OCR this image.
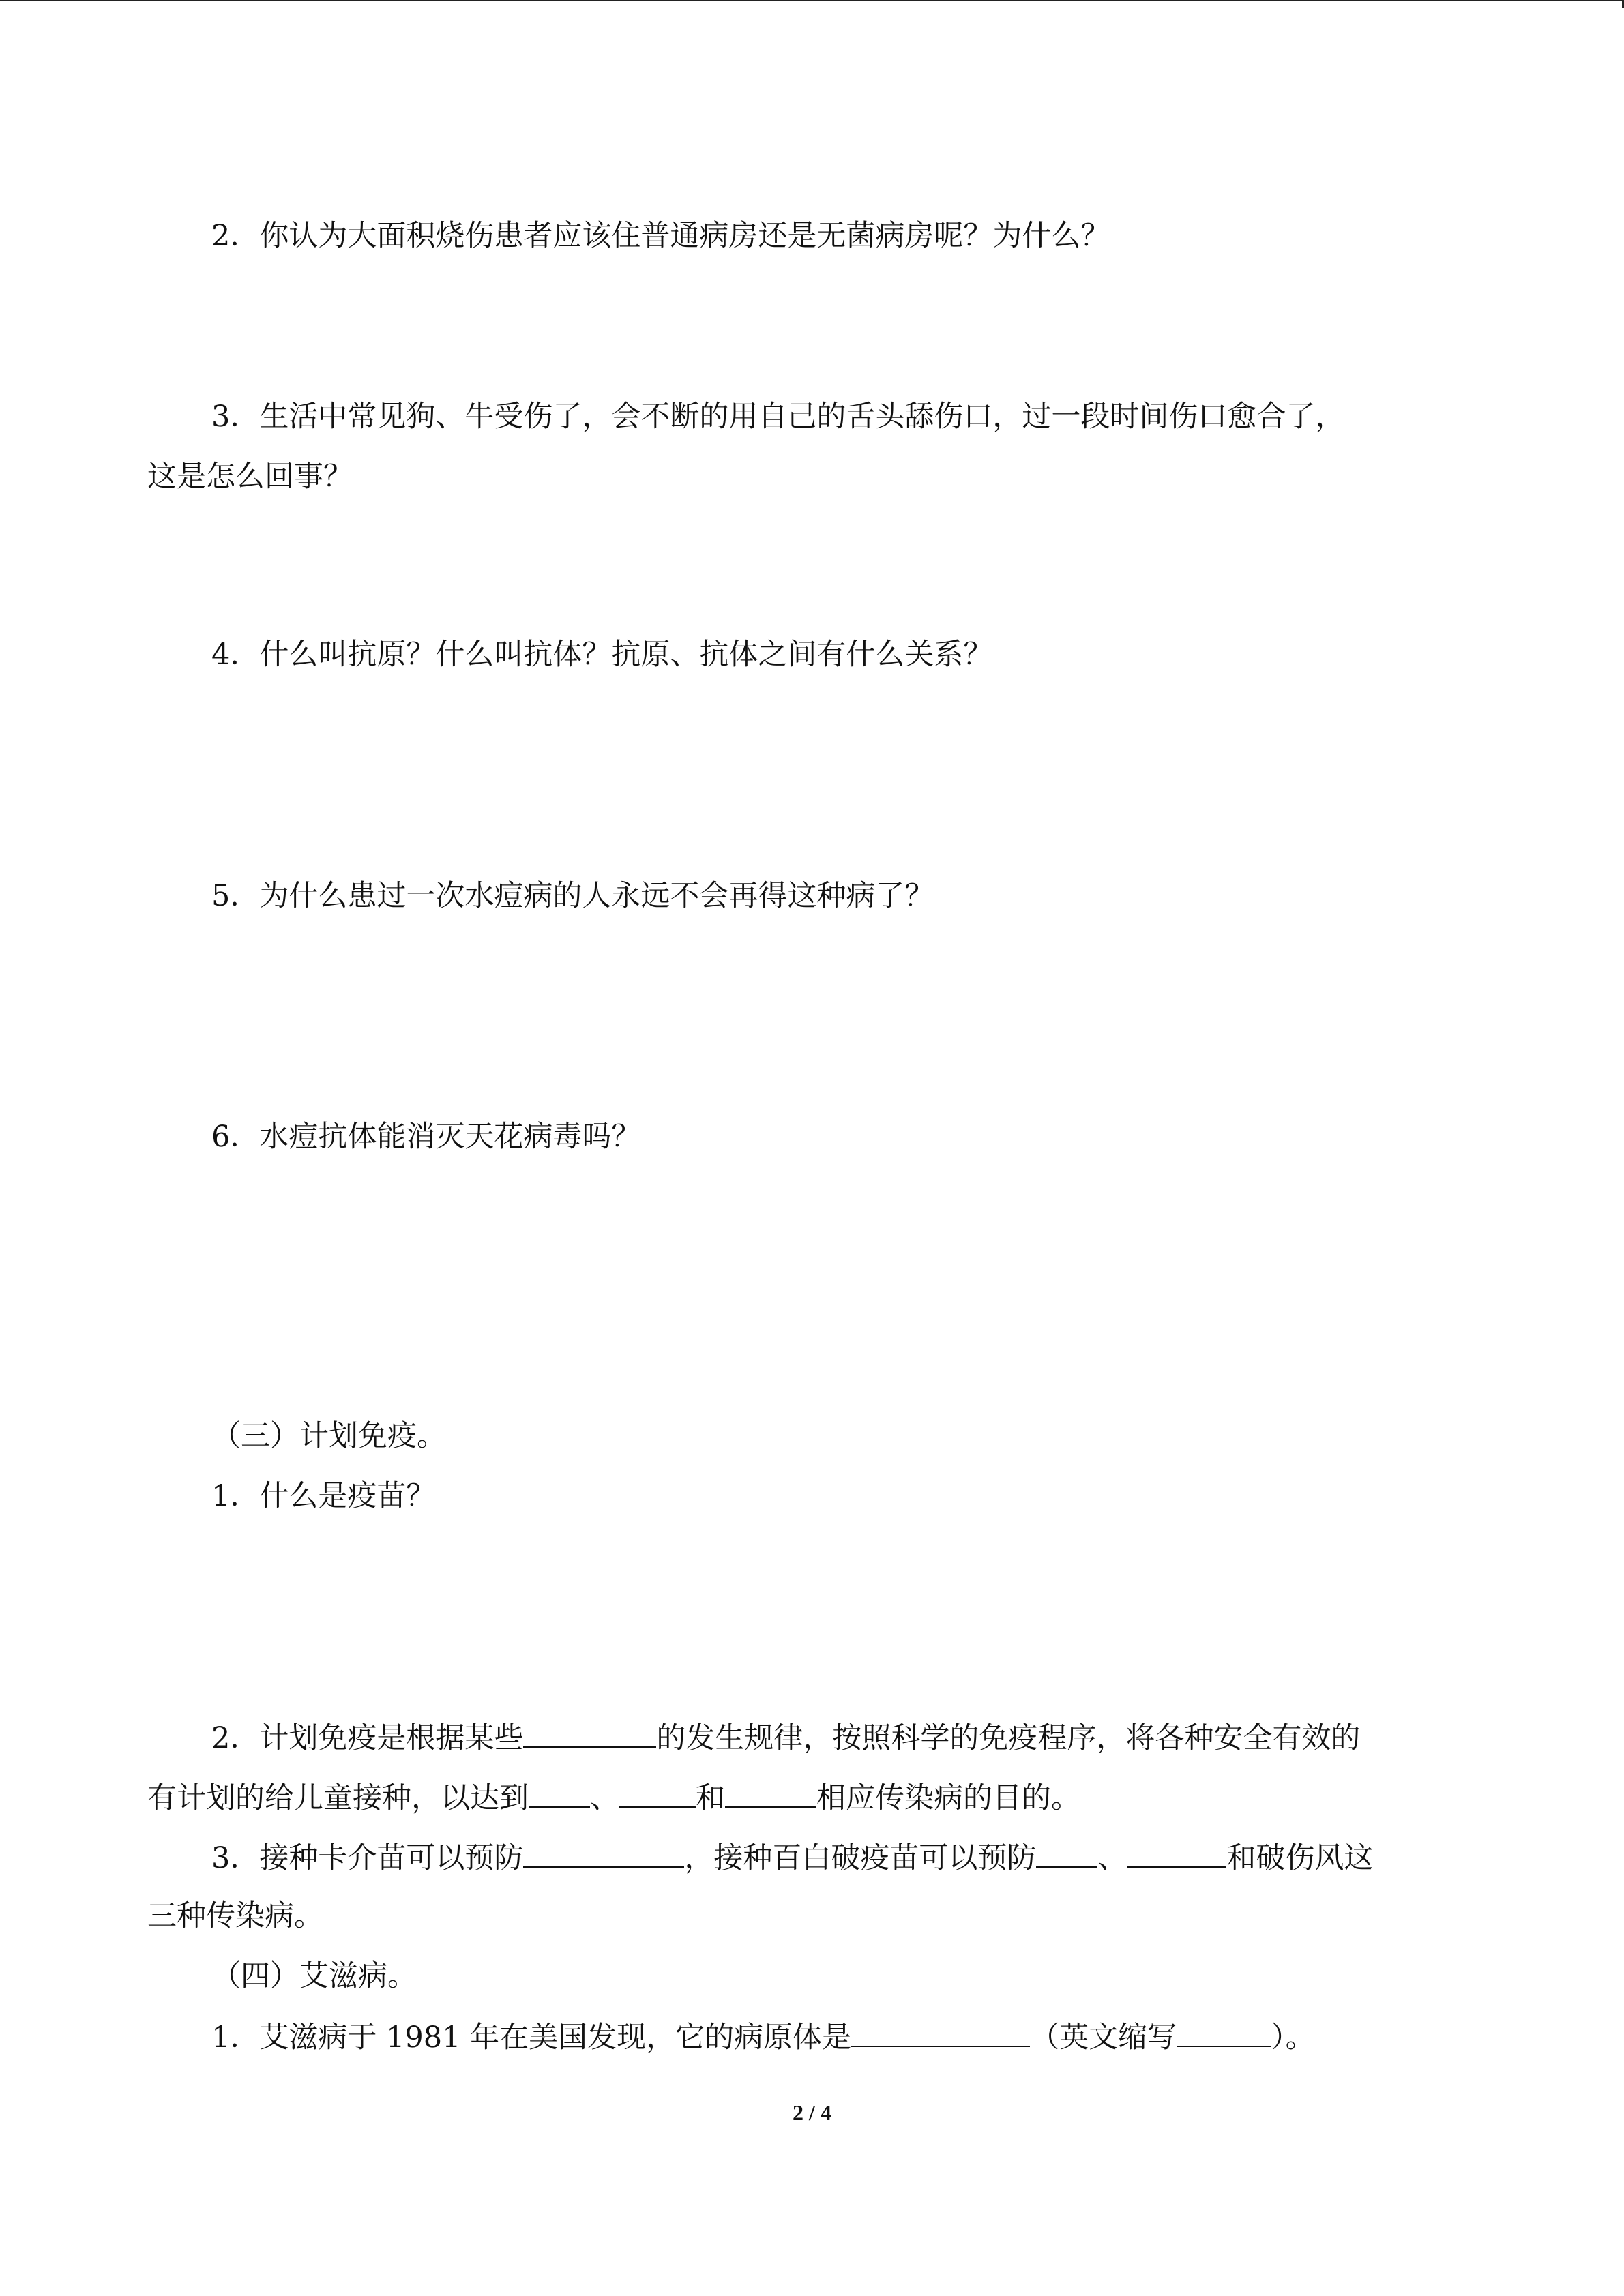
2．你认为大面积烧伤患者应该住普通病房还是无菌病房呢？为什么？
3．生活中常见狗、牛受伤了，会不断的用自己的舌头舔伤口，过一段时间伤口愈合了，
这是怎么回事？
4．什么叫抗原？什么叫抗体？抗原、抗体之间有什么关系？
5．为什么患过一次水痘病的人永远不会再得这种病了？
6．水痘抗体能消灭天花病毒吗？
（三）计划免疫。
1．什么是疫苗？
2．计划免疫是根据某些	的发生规律，按照科学的免疫程序，将各种安全有效的
有计划的给儿童接种，以达到 、	和	相应传染病的目的。
3．接种卡介苗可以预防	，接种百白破疫苗可以预防 、	和破伤风这
三种传染病。
（四）艾滋病。
1．艾滋病于 1981 年在美国发现，它的病原体是	（英文缩写	）。
2 / 4
